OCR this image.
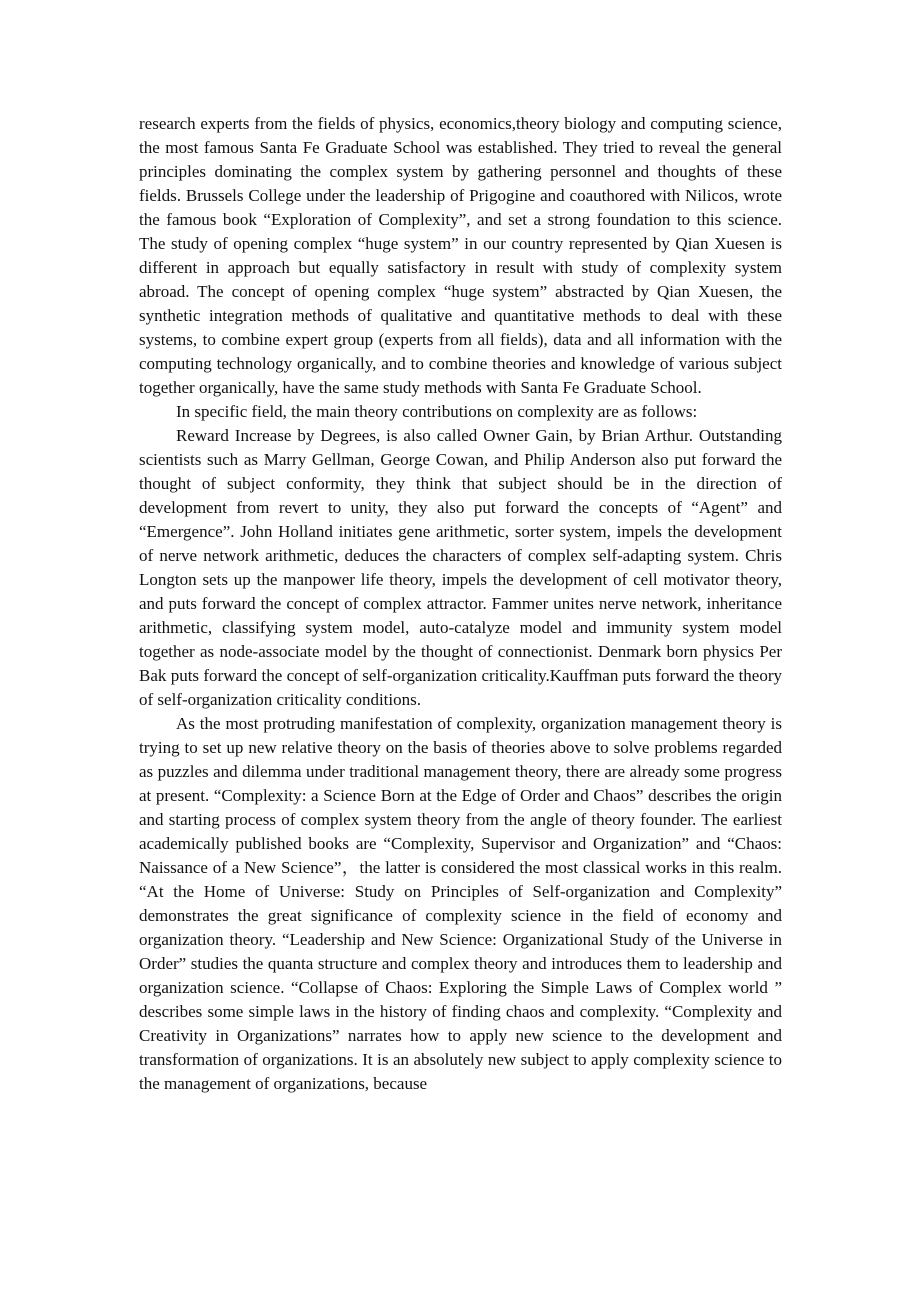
research experts from the fields of physics, economics,theory biology and computing science, the most famous Santa Fe Graduate School was established. They tried to reveal the general principles dominating the complex system by gathering personnel and thoughts of these fields. Brussels College under the leadership of Prigogine and coauthored with Nilicos, wrote the famous book “Exploration of Complexity”, and set a strong foundation to this science. The study of opening complex “huge system” in our country represented by Qian Xuesen is different in approach but equally satisfactory in result with study of complexity system abroad. The concept of opening complex “huge system” abstracted by Qian Xuesen, the synthetic integration methods of qualitative and quantitative methods to deal with these systems, to combine expert group (experts from all fields), data and all information with the computing technology organically, and to combine theories and knowledge of various subject together organically, have the same study methods with Santa Fe Graduate School.

In specific field, the main theory contributions on complexity are as follows:

Reward Increase by Degrees, is also called Owner Gain, by Brian Arthur. Outstanding scientists such as Marry Gellman, George Cowan, and Philip Anderson also put forward the thought of subject conformity, they think that subject should be in the direction of development from revert to unity, they also put forward the concepts of “Agent” and “Emergence”. John Holland initiates gene arithmetic, sorter system, impels the development of nerve network arithmetic, deduces the characters of complex self-adapting system. Chris Longton sets up the manpower life theory, impels the development of cell motivator theory, and puts forward the concept of complex attractor. Fammer unites nerve network, inheritance arithmetic, classifying system model, auto-catalyze model and immunity system model together as node-associate model by the thought of connectionist. Denmark born physics Per Bak puts forward the concept of self-organization criticality.Kauffman puts forward the theory of self-organization criticality conditions.

As the most protruding manifestation of complexity, organization management theory is trying to set up new relative theory on the basis of theories above to solve problems regarded as puzzles and dilemma under traditional management theory, there are already some progress at present. “Complexity: a Science Born at the Edge of Order and Chaos” describes the origin and starting process of complex system theory from the angle of theory founder. The earliest academically published books are “Complexity, Supervisor and Organization” and “Chaos: Naissance of a New Science”，the latter is considered the most classical works in this realm. “At the Home of Universe: Study on Principles of Self-organization and Complexity” demonstrates the great significance of complexity science in the field of economy and organization theory. “Leadership and New Science: Organizational Study of the Universe in Order” studies the quanta structure and complex theory and introduces them to leadership and organization science. “Collapse of Chaos: Exploring the Simple Laws of Complex world ” describes some simple laws in the history of finding chaos and complexity. “Complexity and Creativity in Organizations” narrates how to apply new science to the development and transformation of organizations. It is an absolutely new subject to apply complexity science to the management of organizations, because
